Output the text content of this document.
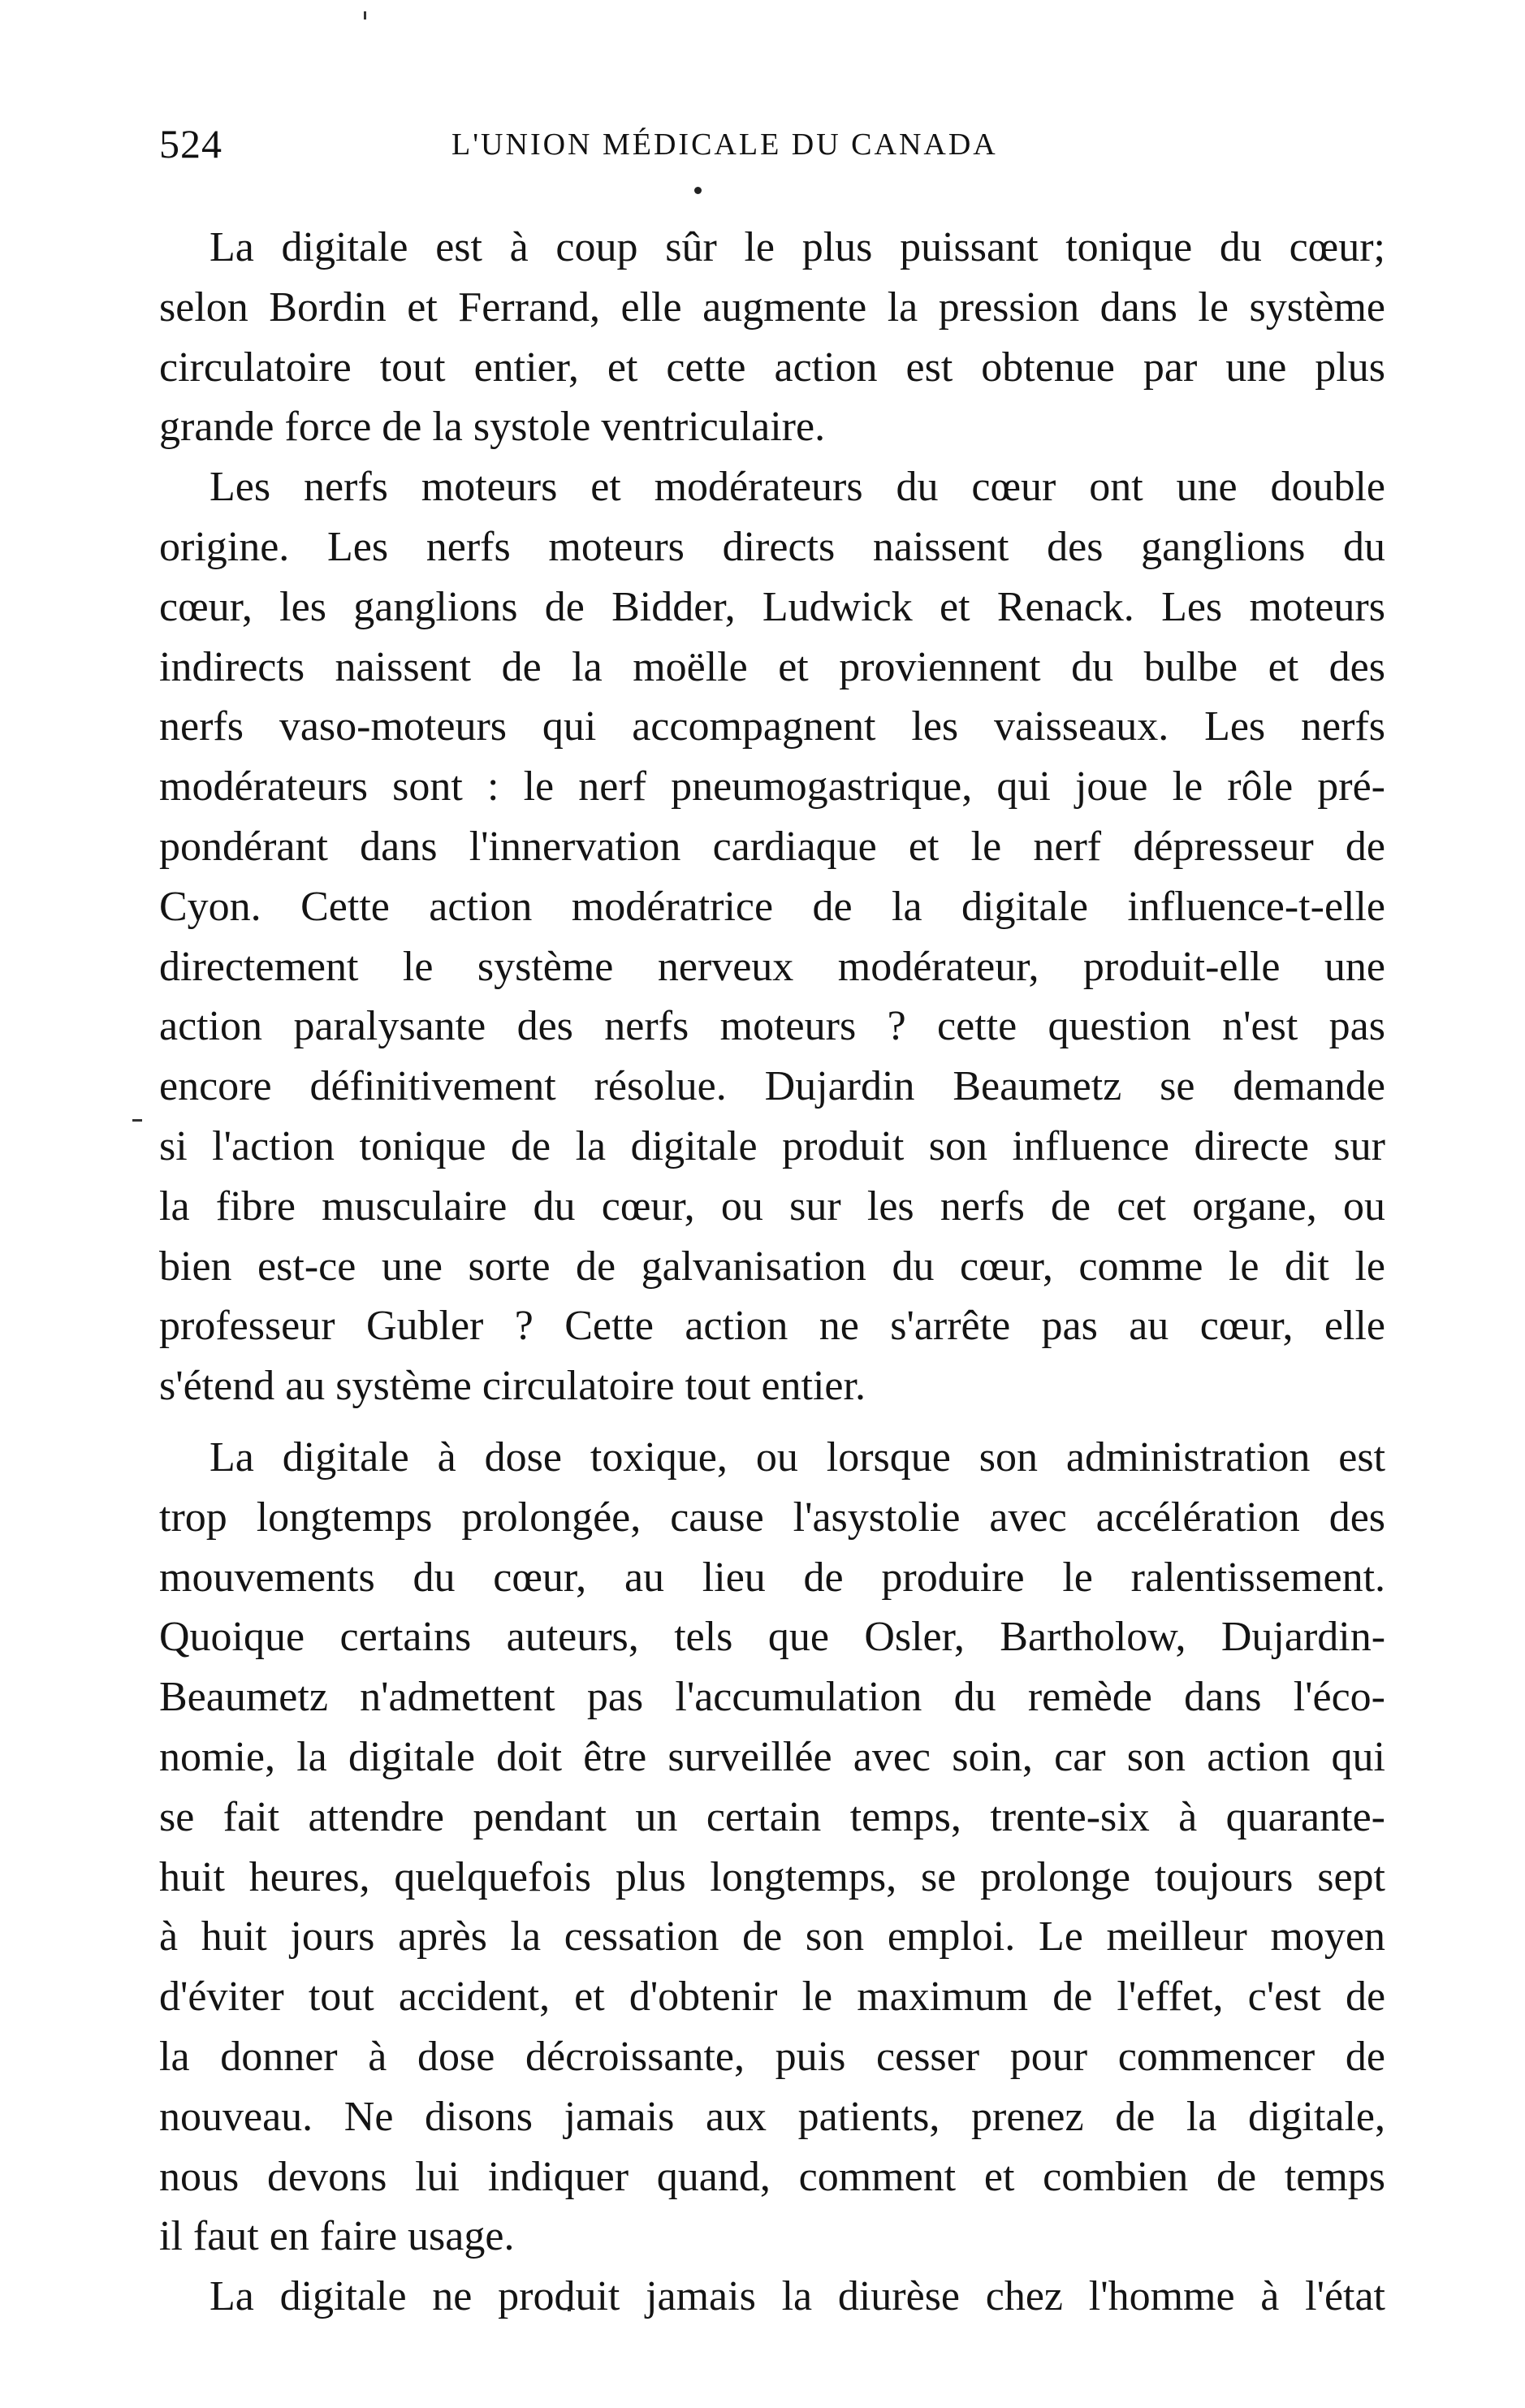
524	L'UNION MÉDICALE DU CANADA
La digitale est à coup sûr le plus puissant tonique du cœur;
selon Bordin et Ferrand, elle augmente la pression dans le système
circulatoire tout entier, et cette action est obtenue par une plus
grande force de la systole ventriculaire.
Les nerfs moteurs et modérateurs du cœur ont une double
origine. Les nerfs moteurs directs naissent des ganglions du
cœur, les ganglions de Bidder, Ludwick et Renack. Les moteurs
indirects naissent de la moëlle et proviennent du bulbe et des
nerfs vaso-moteurs qui accompagnent les vaisseaux. Les nerfs
modérateurs sont : le nerf pneumogastrique, qui joue le rôle pré-
pondérant dans l'innervation cardiaque et le nerf dépresseur de
Cyon. Cette action modératrice de la digitale influence-t-elle
directement le système nerveux modérateur, produit-elle une
action paralysante des nerfs moteurs ? cette question n'est pas
encore définitivement résolue. Dujardin Beaumetz se demande
si l'action tonique de la digitale produit son influence directe sur
la fibre musculaire du cœur, ou sur les nerfs de cet organe, ou
bien est-ce une sorte de galvanisation du cœur, comme le dit le
professeur Gubler ? Cette action ne s'arrête pas au cœur, elle
s'étend au système circulatoire tout entier.
La digitale à dose toxique, ou lorsque son administration est
trop longtemps prolongée, cause l'asystolie avec accélération des
mouvements du cœur, au lieu de produire le ralentissement.
Quoique certains auteurs, tels que Osler, Bartholow, Dujardin-
Beaumetz n'admettent pas l'accumulation du remède dans l'éco-
nomie, la digitale doit être surveillée avec soin, car son action qui
se fait attendre pendant un certain temps, trente-six à quarante-
huit heures, quelquefois plus longtemps, se prolonge toujours sept
à huit jours après la cessation de son emploi. Le meilleur moyen
d'éviter tout accident, et d'obtenir le maximum de l'effet, c'est de
la donner à dose décroissante, puis cesser pour commencer de
nouveau. Ne disons jamais aux patients, prenez de la digitale,
nous devons lui indiquer quand, comment et combien de temps
il faut en faire usage.
La digitale ne produit jamais la diurèse chez l'homme à l'état
